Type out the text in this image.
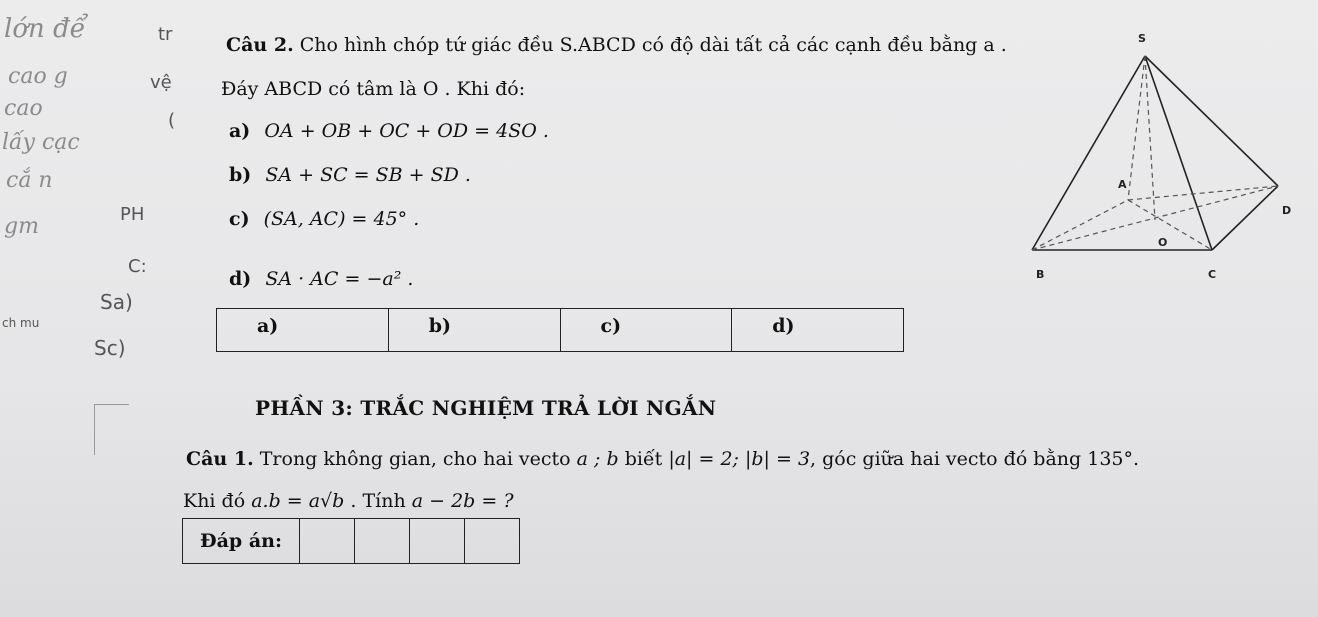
lớn để
cao g
cao
lấy cạc
cắ n
gm
tr
vệ
(
PH
C:
Sa)
ch mu
Sc)
Câu 2. Cho hình chóp tứ giác đều S.ABCD có độ dài tất cả các cạnh đều bằng a .
Đáy ABCD có tâm là O . Khi đó:
a) OA + OB + OC + OD = 4SO .
b) SA + SC = SB + SD .
c) (SA, AC) = 45° .
d) SA · AC = −a² .
a)	b)	c)	d)
S
A
D
O
B	C
PHẦN 3: TRẮC NGHIỆM TRẢ LỜI NGẮN
Câu 1. Trong không gian, cho hai vecto a ; b biết |a| = 2; |b| = 3, góc giữa hai vecto đó bằng 135°.
Khi đó a.b = a√b . Tính a − 2b = ?
Đáp án:
